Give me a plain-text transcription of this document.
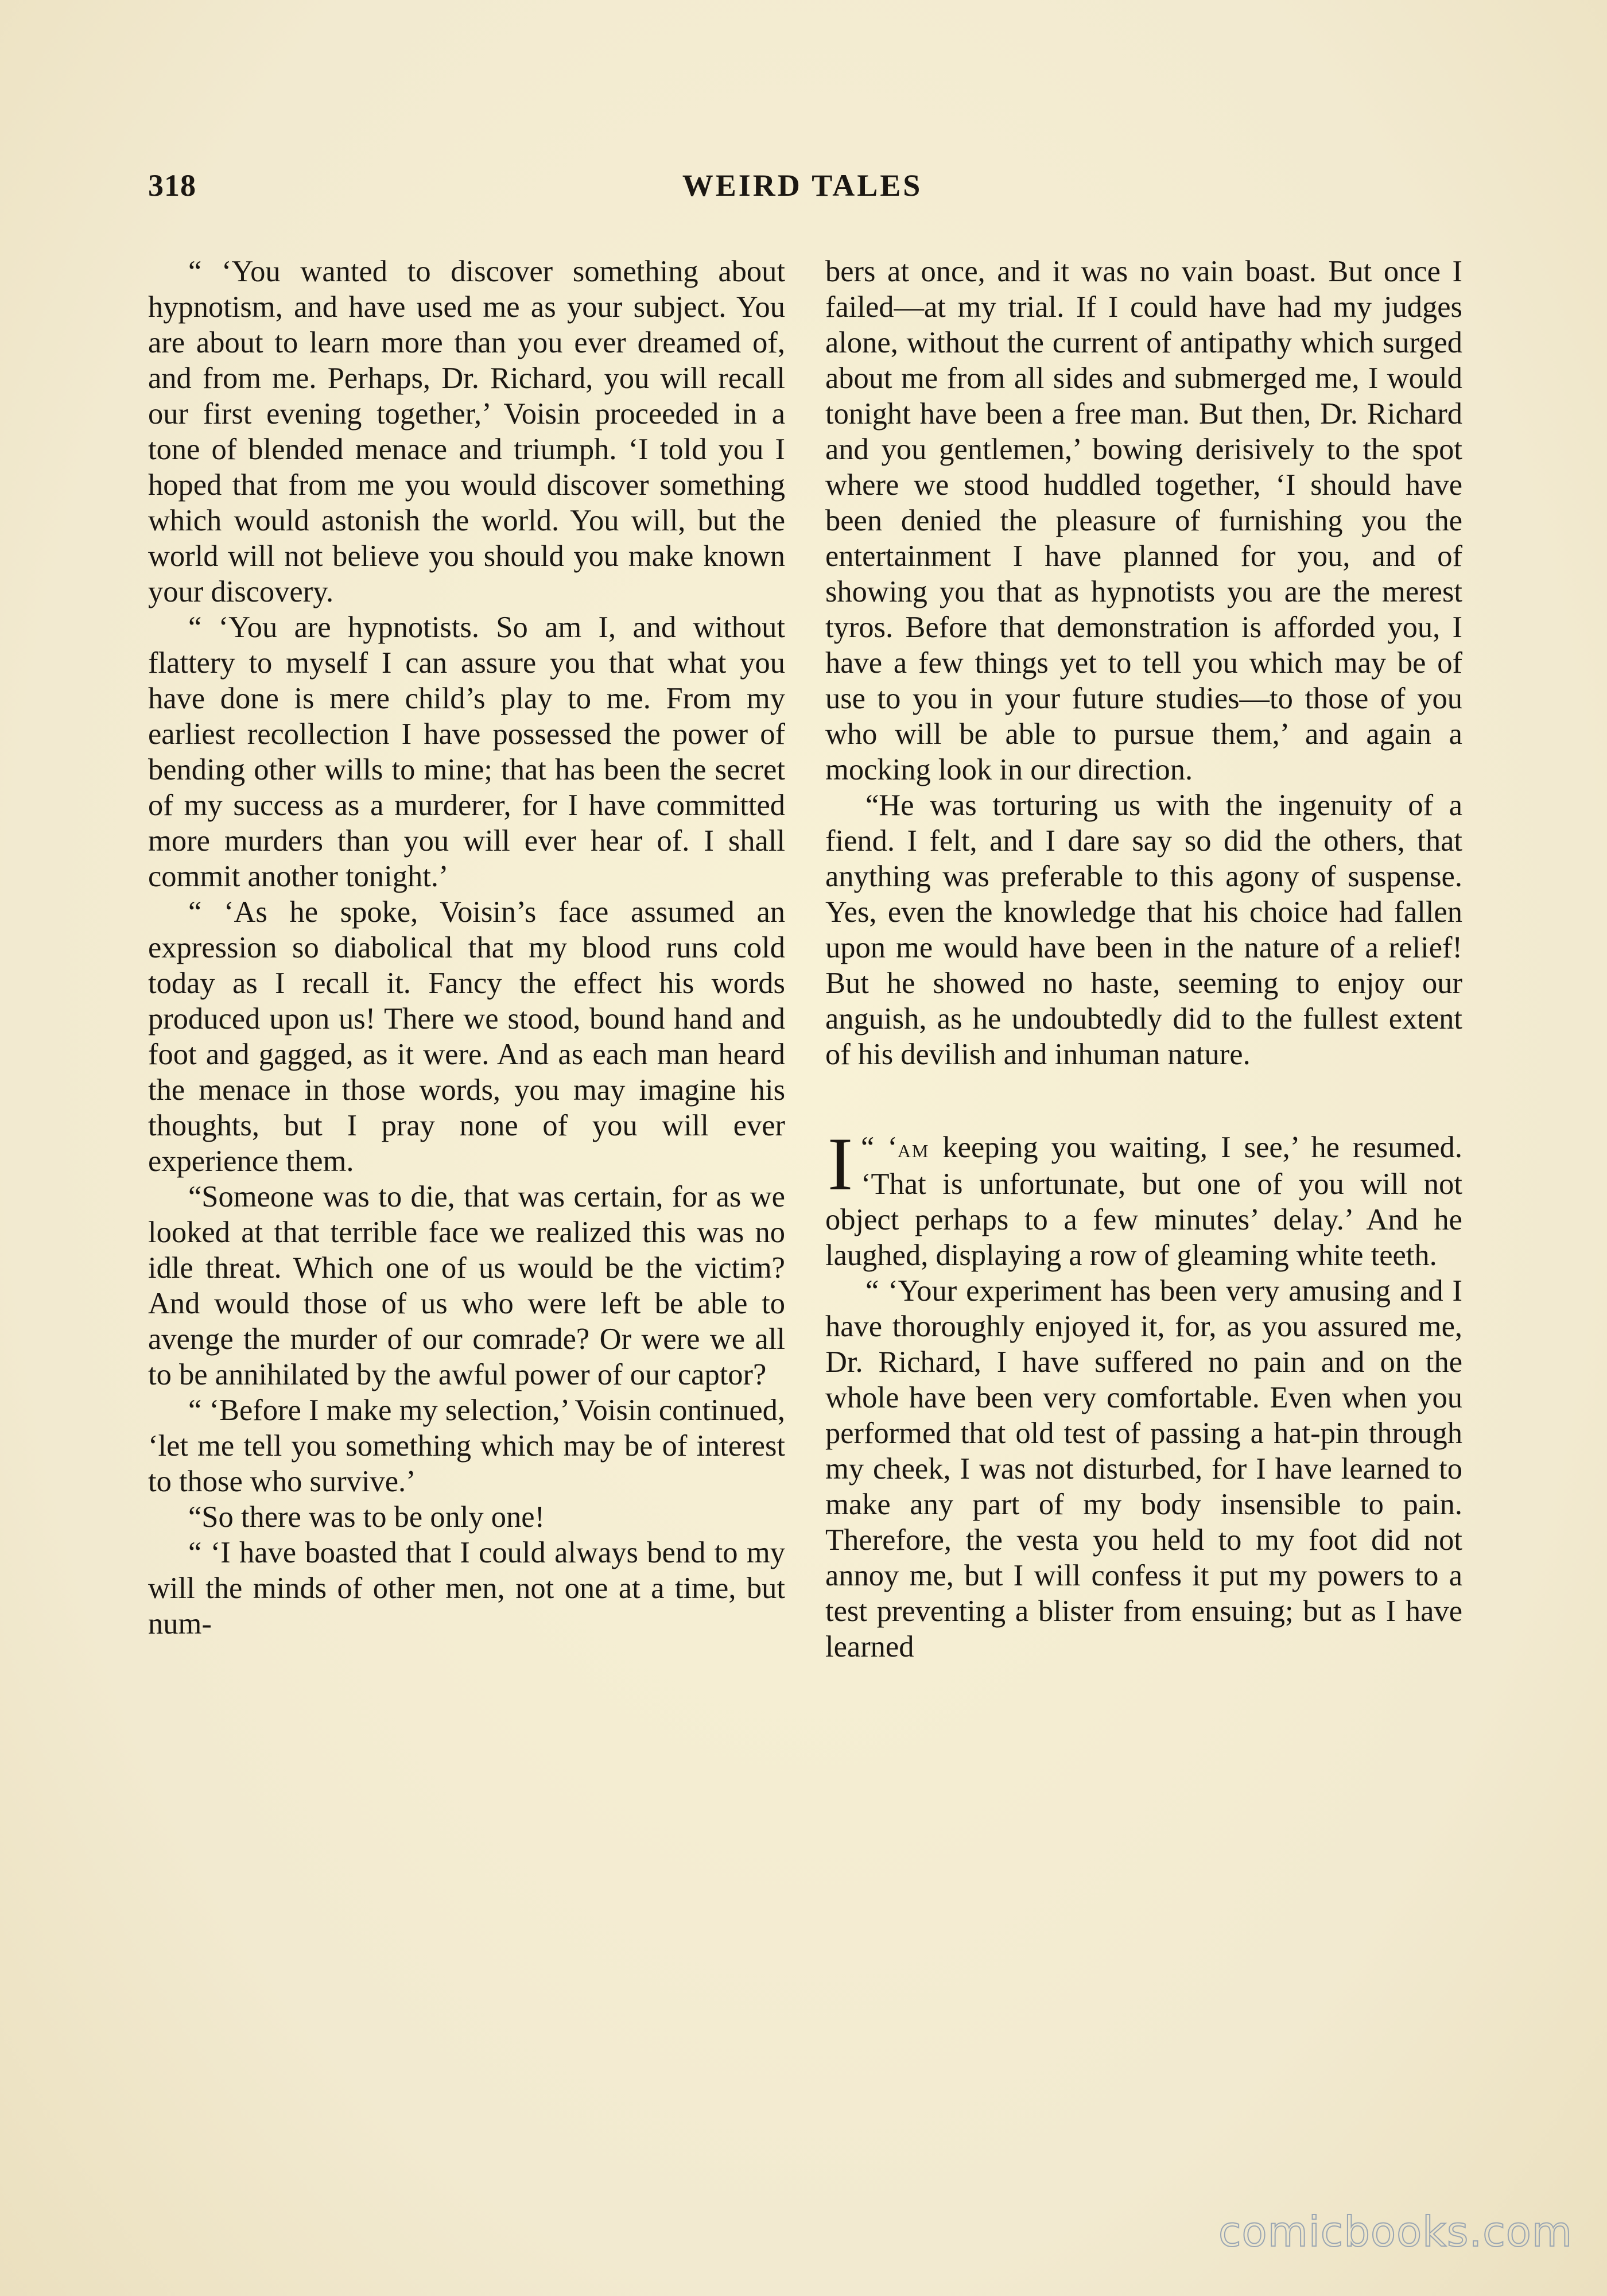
318	WEIRD TALES

“ ‘You wanted to discover something about hypnotism, and have used me as your subject. You are about to learn more than you ever dreamed of, and from me. Perhaps, Dr. Richard, you will recall our first evening together,’ Voisin proceeded in a tone of blended menace and triumph. ‘I told you I hoped that from me you would discover something which would astonish the world. You will, but the world will not believe you should you make known your discovery.

“ ‘You are hypnotists. So am I, and without flattery to myself I can assure you that what you have done is mere child’s play to me. From my earliest recollection I have possessed the power of bending other wills to mine; that has been the secret of my success as a murderer, for I have committed more murders than you will ever hear of. I shall commit another tonight.’

“ ‘As he spoke, Voisin’s face assumed an expression so diabolical that my blood runs cold today as I recall it. Fancy the effect his words produced upon us! There we stood, bound hand and foot and gagged, as it were. And as each man heard the menace in those words, you may imagine his thoughts, but I pray none of you will ever experience them.

“Someone was to die, that was certain, for as we looked at that terrible face we realized this was no idle threat. Which one of us would be the victim? And would those of us who were left be able to avenge the murder of our comrade? Or were we all to be annihilated by the awful power of our captor?

“ ‘Before I make my selection,’ Voisin continued, ‘let me tell you something which may be of interest to those who survive.’

“So there was to be only one!

“ ‘I have boasted that I could always bend to my will the minds of other men, not one at a time, but num-

bers at once, and it was no vain boast. But once I failed—at my trial. If I could have had my judges alone, without the current of antipathy which surged about me from all sides and submerged me, I would tonight have been a free man. But then, Dr. Richard and you gentlemen,’ bowing derisively to the spot where we stood huddled together, ‘I should have been denied the pleasure of furnishing you the entertainment I have planned for you, and of showing you that as hypnotists you are the merest tyros. Before that demonstration is afforded you, I have a few things yet to tell you which may be of use to you in your future studies—to those of you who will be able to pursue them,’ and again a mocking look in our direction.

“He was torturing us with the ingenuity of a fiend. I felt, and I dare say so did the others, that anything was preferable to this agony of suspense. Yes, even the knowledge that his choice had fallen upon me would have been in the nature of a relief! But he showed no haste, seeming to enjoy our anguish, as he undoubtedly did to the fullest extent of his devilish and inhuman nature.

“ ‘
I am keeping you waiting, I see,’ he resumed. ‘That is unfortunate, but one of you will not object perhaps to a few minutes’ delay.’ And he laughed, displaying a row of gleaming white teeth.

“ ‘Your experiment has been very amusing and I have thoroughly enjoyed it, for, as you assured me, Dr. Richard, I have suffered no pain and on the whole have been very comfortable. Even when you performed that old test of passing a hat-pin through my cheek, I was not disturbed, for I have learned to make any part of my body insensible to pain. Therefore, the vesta you held to my foot did not annoy me, but I will confess it put my powers to a test preventing a blister from ensuing; but as I have learned

comicbooks.com
